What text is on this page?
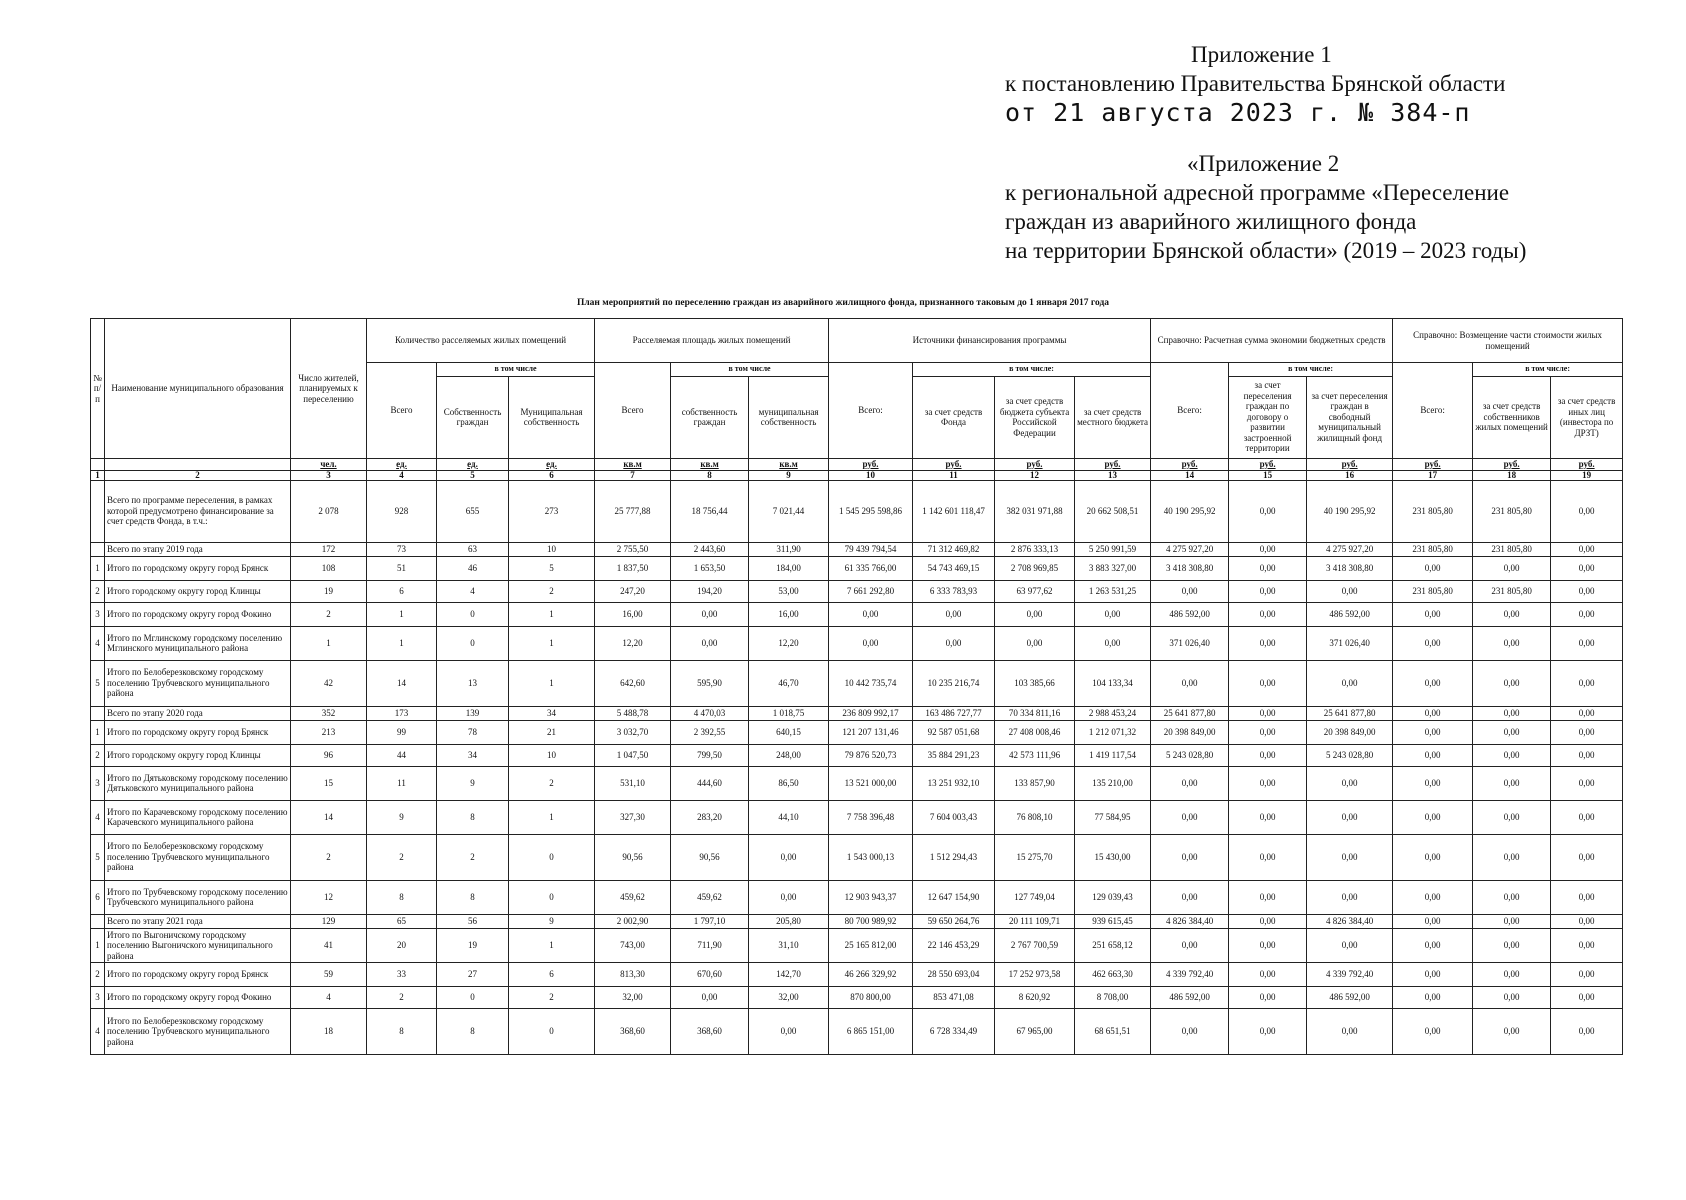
Приложение 1
к постановлению Правительства Брянской области
от 21 августа 2023 г. № 384-п
«Приложение 2
к региональной адресной программе «Переселение
граждан из аварийного жилищного фонда
на территории Брянской области» (2019 – 2023 годы)
План мероприятий по переселению граждан из аварийного жилищного фонда, признанного таковым до 1 января 2017 года
№ п/п	Наименование муниципального образования	Число жителей, планируемых к переселению	Количество расселяемых жилых помещений			Расселяемая площадь жилых помещений			Источники финансирования программы				Справочно: Расчетная сумма экономии бюджетных средств			Справочно: Возмещение части стоимости жилых помещений		
			Всего	в том числе		Всего	в том числе		Всего:	в том числе:			Всего:	в том числе:		Всего:	в том числе:	
				Собственность граждан	Муниципальная собственность		собственность граждан	муниципальная собственность		за счет средств Фонда	за счет средств бюджета субъекта Российской Федерации	за счет средств местного бюджета		за счет переселения граждан по договору о развитии застроенной территории	за счет переселения граждан в свободный муниципальный жилищный фонд		за счет средств собственников жилых помещений	за счет средств иных лиц (инвестора по ДРЗТ)
		чел.	ед.	ед.	ед.	кв.м	кв.м	кв.м	руб.	руб.	руб.	руб.	руб.	руб.	руб.	руб.	руб.	руб.
1	2	3	4	5	6	7	8	9	10	11	12	13	14	15	16	17	18	19
	Всего по программе переселения, в рамках которой предусмотрено финансирование за счет средств Фонда, в т.ч.:	2 078	928	655	273	25 777,88	18 756,44	7 021,44	1 545 295 598,86	1 142 601 118,47	382 031 971,88	20 662 508,51	40 190 295,92	0,00	40 190 295,92	231 805,80	231 805,80	0,00
	Всего по этапу 2019 года	172	73	63	10	2 755,50	2 443,60	311,90	79 439 794,54	71 312 469,82	2 876 333,13	5 250 991,59	4 275 927,20	0,00	4 275 927,20	231 805,80	231 805,80	0,00
1	Итого по городскому округу город Брянск	108	51	46	5	1 837,50	1 653,50	184,00	61 335 766,00	54 743 469,15	2 708 969,85	3 883 327,00	3 418 308,80	0,00	3 418 308,80	0,00	0,00	0,00
2	Итого городскому округу город Клинцы	19	6	4	2	247,20	194,20	53,00	7 661 292,80	6 333 783,93	63 977,62	1 263 531,25	0,00	0,00	0,00	231 805,80	231 805,80	0,00
3	Итого по городскому округу город Фокино	2	1	0	1	16,00	0,00	16,00	0,00	0,00	0,00	0,00	486 592,00	0,00	486 592,00	0,00	0,00	0,00
4	Итого по Мглинскому городскому поселению Мглинского муниципального района	1	1	0	1	12,20	0,00	12,20	0,00	0,00	0,00	0,00	371 026,40	0,00	371 026,40	0,00	0,00	0,00
5	Итого по Белоберезковскому городскому поселению Трубчевского муниципального района	42	14	13	1	642,60	595,90	46,70	10 442 735,74	10 235 216,74	103 385,66	104 133,34	0,00	0,00	0,00	0,00	0,00	0,00
	Всего по этапу 2020 года	352	173	139	34	5 488,78	4 470,03	1 018,75	236 809 992,17	163 486 727,77	70 334 811,16	2 988 453,24	25 641 877,80	0,00	25 641 877,80	0,00	0,00	0,00
1	Итого по городскому округу город Брянск	213	99	78	21	3 032,70	2 392,55	640,15	121 207 131,46	92 587 051,68	27 408 008,46	1 212 071,32	20 398 849,00	0,00	20 398 849,00	0,00	0,00	0,00
2	Итого городскому округу город Клинцы	96	44	34	10	1 047,50	799,50	248,00	79 876 520,73	35 884 291,23	42 573 111,96	1 419 117,54	5 243 028,80	0,00	5 243 028,80	0,00	0,00	0,00
3	Итого по Дятьковскому городскому поселению Дятьковского муниципального района	15	11	9	2	531,10	444,60	86,50	13 521 000,00	13 251 932,10	133 857,90	135 210,00	0,00	0,00	0,00	0,00	0,00	0,00
4	Итого по Карачевскому городскому поселению Карачевского муниципального района	14	9	8	1	327,30	283,20	44,10	7 758 396,48	7 604 003,43	76 808,10	77 584,95	0,00	0,00	0,00	0,00	0,00	0,00
5	Итого по Белоберезковскому городскому поселению Трубчевского муниципального района	2	2	2	0	90,56	90,56	0,00	1 543 000,13	1 512 294,43	15 275,70	15 430,00	0,00	0,00	0,00	0,00	0,00	0,00
6	Итого по Трубчевскому городскому поселению Трубчевского муниципального района	12	8	8	0	459,62	459,62	0,00	12 903 943,37	12 647 154,90	127 749,04	129 039,43	0,00	0,00	0,00	0,00	0,00	0,00
	Всего по этапу 2021 года	129	65	56	9	2 002,90	1 797,10	205,80	80 700 989,92	59 650 264,76	20 111 109,71	939 615,45	4 826 384,40	0,00	4 826 384,40	0,00	0,00	0,00
1	Итого по Выгоничскому городскому поселению Выгоничского муниципального района	41	20	19	1	743,00	711,90	31,10	25 165 812,00	22 146 453,29	2 767 700,59	251 658,12	0,00	0,00	0,00	0,00	0,00	0,00
2	Итого по городскому округу город Брянск	59	33	27	6	813,30	670,60	142,70	46 266 329,92	28 550 693,04	17 252 973,58	462 663,30	4 339 792,40	0,00	4 339 792,40	0,00	0,00	0,00
3	Итого по городскому округу город Фокино	4	2	0	2	32,00	0,00	32,00	870 800,00	853 471,08	8 620,92	8 708,00	486 592,00	0,00	486 592,00	0,00	0,00	0,00
4	Итого по Белоберезковскому городскому поселению Трубчевского муниципального района	18	8	8	0	368,60	368,60	0,00	6 865 151,00	6 728 334,49	67 965,00	68 651,51	0,00	0,00	0,00	0,00	0,00	0,00
